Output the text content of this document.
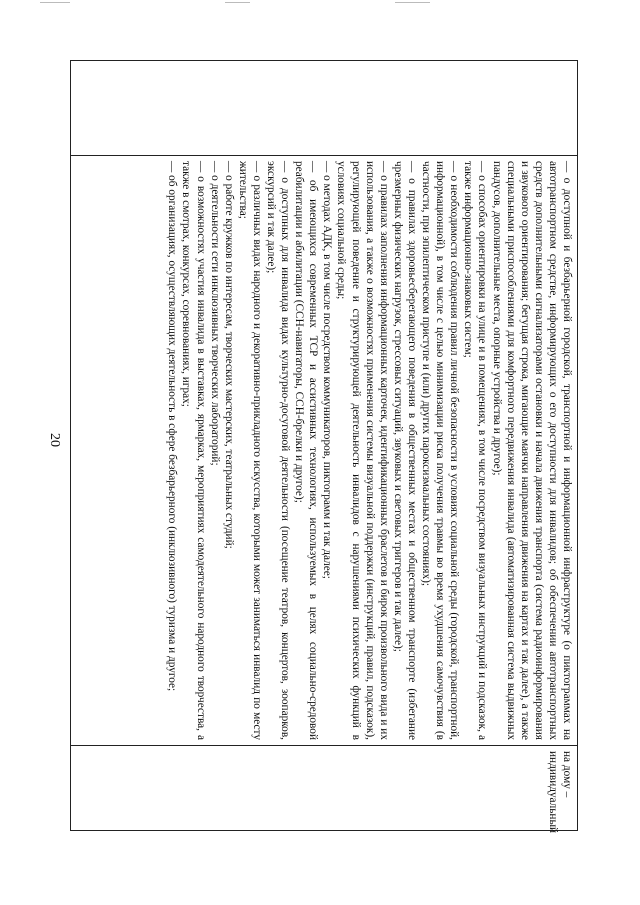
20
		— о доступной и безбарьерной городской, транспортной и информационной инфраструктуре (о пиктограммах на автотранспортном средстве, информирующих о его доступности для инвалидов; об обеспечении автотранспортных средств дополнительными сигнализаторами остановки и начала движения транспорта (система радиоинформирования и звукового ориентирования; бегущая строка, мигающие маячки направления движения на картах и так далее), а также специальными приспособлениями для комфортного передвижения инвалида (автоматизированная система выдвижных пандусов, дополнительные места, опорные устройства и другое);
— о способах ориентировки на улице и в помещениях, в том числе посредством визуальных инструкций и подсказок, а также информационно-знаковых систем;
— о необходимости соблюдения правил личной безопасности в условиях социальной среды (городской, транспортной, информационной), в том числе с целью минимизации риска получения травмы во время ухудшения самочувствия (в частности, при эпилептическом приступе и (или) других пароксизмальных состояниях);
— о правилах здоровьесберегающего поведения в общественных местах и общественном транспорте (избегание чрезмерных физических нагрузок, стрессовых ситуаций, звуковых и световых триггеров и так далее);
— о правилах заполнения информационных карточек, идентификационных браслетов и бирок произвольного вида и их использования, а также о возможностях применения системы визуальной поддержки (инструкций, правил, подсказок), регулирующей поведение и структурирующей деятельность инвалидов с нарушениями психических функций в условиях социальной среды;
— о методах АДК, в том числе посредством коммуникаторов, пиктограмм и так далее;
— об имеющихся современных ТСР и ассистивных технологиях, используемых в целях социально-средовой реабилитации и абилитации (ССН-навигаторы, ССН-брелки и другое);
— о доступных для инвалида видах культурно-досуговой деятельности (посещение театров, концертов, зоопарков, экскурсий и так далее);
— о различных видах народного и декоративно-прикладного искусства, которыми может заниматься инвалид по месту жительства;
— о работе кружков по интересам, творческих мастерских, театральных студий;
— о деятельности сети инклюзивных творческих лабораторий;
— о возможностях участия инвалида в выставках, ярмарках, мероприятиях самодеятельного народного творчества, а также в смотрах, конкурсах, соревнованиях, играх;
— об организациях, осуществляющих деятельность в сфере безбарьерного (инклюзивного) туризма и другое;
	на дому – индивидуальный
